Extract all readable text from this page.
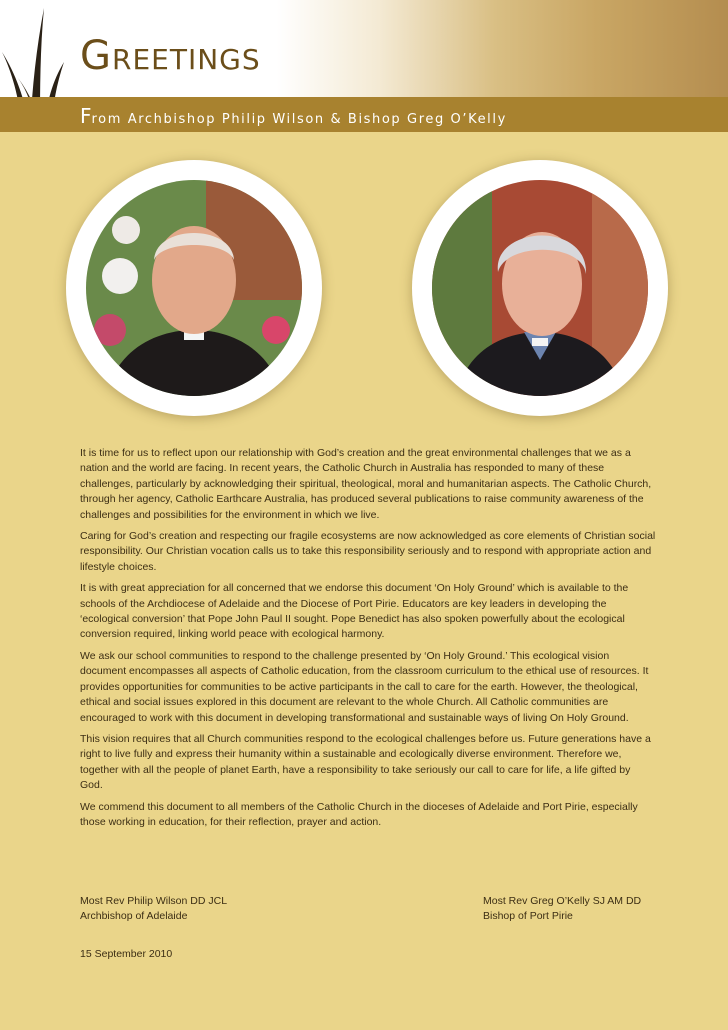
Greetings
From Archbishop Philip Wilson & Bishop Greg O’Kelly

It is time for us to reflect upon our relationship with God’s creation and the great environmental challenges that we as a nation and the world are facing. In recent years, the Catholic Church in Australia has responded to many of these challenges, particularly by acknowledging their spiritual, theological, moral and humanitarian aspects. The Catholic Church, through her agency, Catholic Earthcare Australia, has produced several publications to raise community awareness of the challenges and possibilities for the environment in which we live.

Caring for God’s creation and respecting our fragile ecosystems are now acknowledged as core elements of Christian social responsibility. Our Christian vocation calls us to take this responsibility seriously and to respond with appropriate action and lifestyle choices.

It is with great appreciation for all concerned that we endorse this document ‘On Holy Ground’ which is available to the schools of the Archdiocese of Adelaide and the Diocese of Port Pirie. Educators are key leaders in developing the ‘ecological conversion’ that Pope John Paul II sought. Pope Benedict has also spoken powerfully about the ecological conversion required, linking world peace with ecological harmony.

We ask our school communities to respond to the challenge presented by ‘On Holy Ground.’ This ecological vision document encompasses all aspects of Catholic education, from the classroom curriculum to the ethical use of resources. It provides opportunities for communities to be active participants in the call to care for the earth. However, the theological, ethical and social issues explored in this document are relevant to the whole Church. All Catholic communities are encouraged to work with this document in developing transformational and sustainable ways of living On Holy Ground.

This vision requires that all Church communities respond to the ecological challenges before us. Future generations have a right to live fully and express their humanity within a sustainable and ecologically diverse environment. Therefore we, together with all the people of planet Earth, have a responsibility to take seriously our call to care for life, a life gifted by God.

We commend this document to all members of the Catholic Church in the dioceses of Adelaide and Port Pirie, especially those working in education, for their reflection, prayer and action.

Most Rev Philip Wilson DD JCL
Archbishop of Adelaide
Most Rev Greg O’Kelly SJ AM DD
Bishop of Port Pirie
15 September 2010
